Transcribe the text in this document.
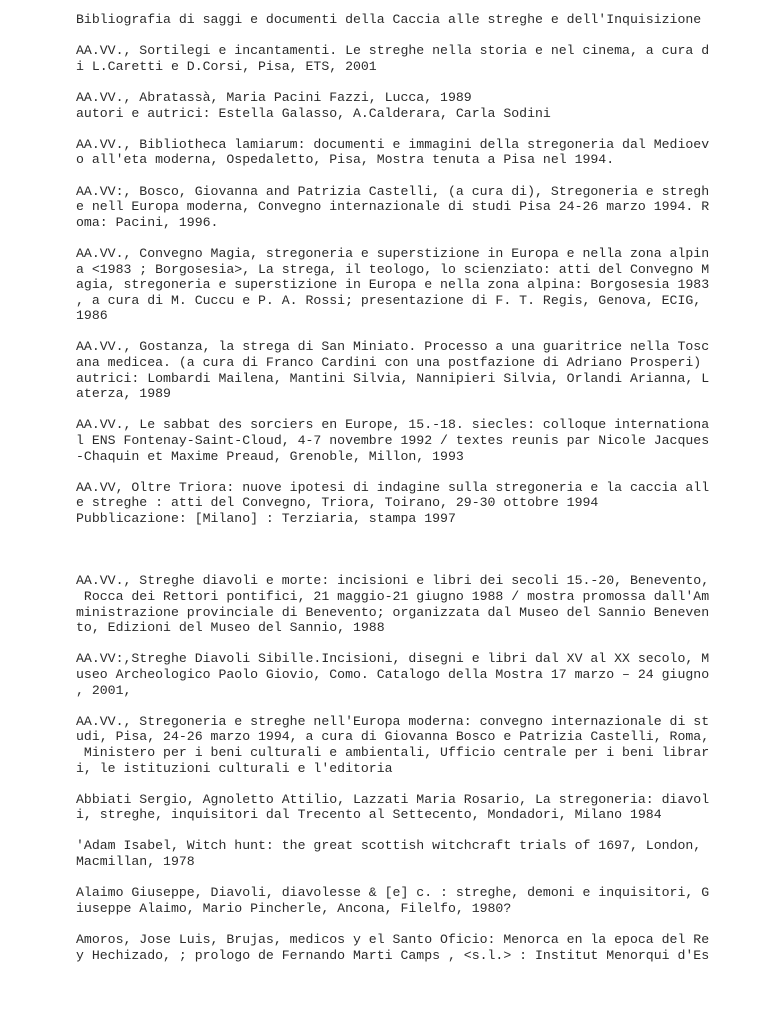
Bibliografia di saggi e documenti della Caccia alle streghe e dell'Inquisizione
AA.VV., Sortilegi e incantamenti. Le streghe nella storia e nel cinema, a cura d
i L.Caretti e D.Corsi, Pisa, ETS, 2001
AA.VV., Abratassà, Maria Pacini Fazzi, Lucca, 1989
autori e autrici: Estella Galasso, A.Calderara, Carla Sodini
AA.VV., Bibliotheca lamiarum: documenti e immagini della stregoneria dal Medioev
o all'eta moderna, Ospedaletto, Pisa, Mostra tenuta a Pisa nel 1994.
AA.VV:, Bosco, Giovanna and Patrizia Castelli, (a cura di), Stregoneria e stregh
e nell Europa moderna, Convegno internazionale di studi Pisa 24-26 marzo 1994. R
oma: Pacini, 1996.
AA.VV., Convegno Magia, stregoneria e superstizione in Europa e nella zona alpin
a <1983 ; Borgosesia>, La strega, il teologo, lo scienziato: atti del Convegno M
agia, stregoneria e superstizione in Europa e nella zona alpina: Borgosesia 1983
, a cura di M. Cuccu e P. A. Rossi; presentazione di F. T. Regis, Genova, ECIG,
1986
AA.VV., Gostanza, la strega di San Miniato. Processo a una guaritrice nella Tosc
ana medicea. (a cura di Franco Cardini con una postfazione di Adriano Prosperi)
autrici: Lombardi Mailena, Mantini Silvia, Nannipieri Silvia, Orlandi Arianna, L
aterza, 1989
AA.VV., Le sabbat des sorciers en Europe, 15.-18. siecles: colloque internationa
l ENS Fontenay-Saint-Cloud, 4-7 novembre 1992 / textes reunis par Nicole Jacques
-Chaquin et Maxime Preaud, Grenoble, Millon, 1993
AA.VV, Oltre Triora: nuove ipotesi di indagine sulla stregoneria e la caccia all
e streghe : atti del Convegno, Triora, Toirano, 29-30 ottobre 1994
Pubblicazione: [Milano] : Terziaria, stampa 1997
AA.VV., Streghe diavoli e morte: incisioni e libri dei secoli 15.-20, Benevento,
Rocca dei Rettori pontifici, 21 maggio-21 giugno 1988 / mostra promossa dall'Am
ministrazione provinciale di Benevento; organizzata dal Museo del Sannio Beneven
to, Edizioni del Museo del Sannio, 1988
AA.VV:,Streghe Diavoli Sibille.Incisioni, disegni e libri dal XV al XX secolo, M
useo Archeologico Paolo Giovio, Como. Catalogo della Mostra 17 marzo – 24 giugno
, 2001,
AA.VV., Stregoneria e streghe nell'Europa moderna: convegno internazionale di st
udi, Pisa, 24-26 marzo 1994, a cura di Giovanna Bosco e Patrizia Castelli, Roma,
Ministero per i beni culturali e ambientali, Ufficio centrale per i beni librar
i, le istituzioni culturali e l'editoria
Abbiati Sergio, Agnoletto Attilio, Lazzati Maria Rosario, La stregoneria: diavol
i, streghe, inquisitori dal Trecento al Settecento, Mondadori, Milano 1984
'Adam Isabel, Witch hunt: the great scottish witchcraft trials of 1697, London,
Macmillan, 1978
Alaimo Giuseppe, Diavoli, diavolesse & [e] c. : streghe, demoni e inquisitori, G
iuseppe Alaimo, Mario Pincherle, Ancona, Filelfo, 1980?
Amoros, Jose Luis, Brujas, medicos y el Santo Oficio: Menorca en la epoca del Re
y Hechizado, ; prologo de Fernando Marti Camps , <s.l.> : Institut Menorqui d'Es
